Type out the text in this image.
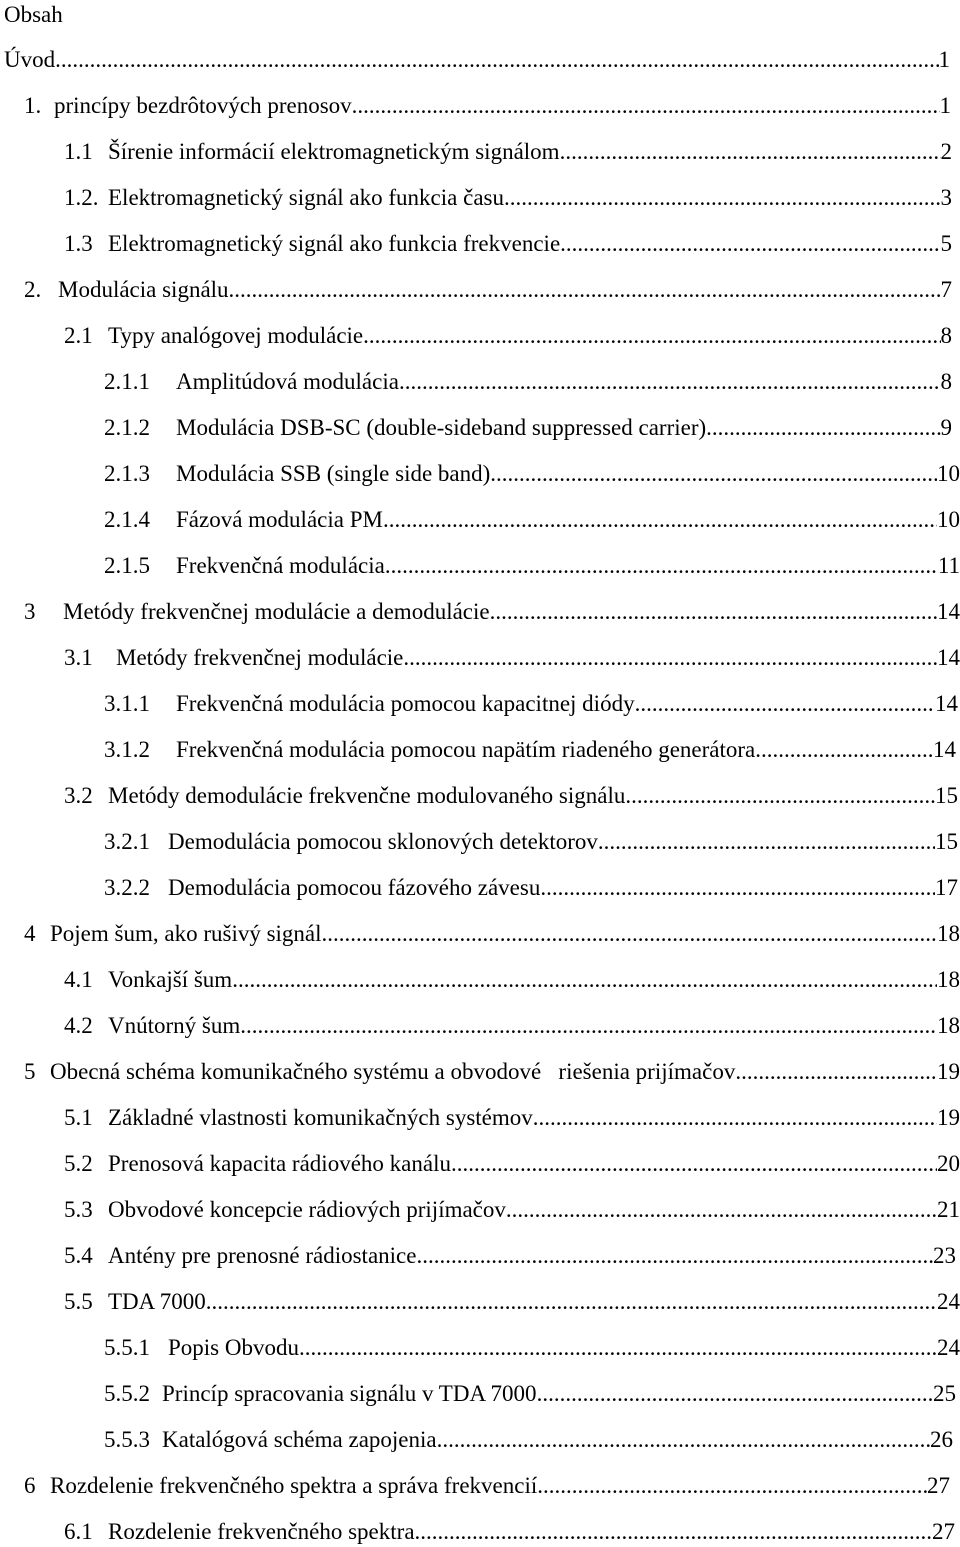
Obsah
Úvod .....	1
1. princípy bezdrôtových prenosov .....	1
1.1 Šírenie informácií elektromagnetickým signálom .....	2
1.2. Elektromagnetický signál ako funkcia času .....	3
1.3 Elektromagnetický signál ako funkcia frekvencie .....	5
2. Modulácia signálu .....	7
2.1 Typy analógovej modulácie .....	8
2.1.1	Amplitúdová modulácia .....	8
2.1.2	Modulácia DSB-SC (double-sideband suppressed carrier) .....	9
2.1.3	Modulácia SSB (single side band) .....	10
2.1.4	Fázová modulácia PM .....	10
2.1.5	Frekvenčná modulácia .....	11
3	Metódy frekvenčnej modulácie a demodulácie .....	14
3.1	Metódy frekvenčnej modulácie .....	14
3.1.1	Frekvenčná modulácia pomocou kapacitnej diódy .....	14
3.1.2	Frekvenčná modulácia pomocou napätím riadeného generátora .....	14
3.2 Metódy demodulácie frekvenčne modulovaného signálu .....	15
3.2.1 Demodulácia pomocou sklonových detektorov .....	15
3.2.2 Demodulácia pomocou fázového závesu .....	17
4 Pojem šum, ako rušivý signál .....	18
4.1 Vonkajší šum .....	18
4.2 Vnútorný šum .....	18
5 Obecná schéma komunikačného systému a obvodové   riešenia prijímačov .....	19
5.1 Základné vlastnosti komunikačných systémov .....	19
5.2 Prenosová kapacita rádiového kanálu .....	20
5.3 Obvodové koncepcie rádiových prijímačov .....	21
5.4 Antény pre prenosné rádiostanice .....	23
5.5 TDA 7000 .....	24
5.5.1 Popis Obvodu .....	24
5.5.2 Princíp spracovania signálu v TDA 7000 .....	25
5.5.3 Katalógová schéma zapojenia .....	26
6 Rozdelenie frekvenčného spektra a správa frekvencií .....	27
6.1 Rozdelenie frekvenčného spektra .....	27
